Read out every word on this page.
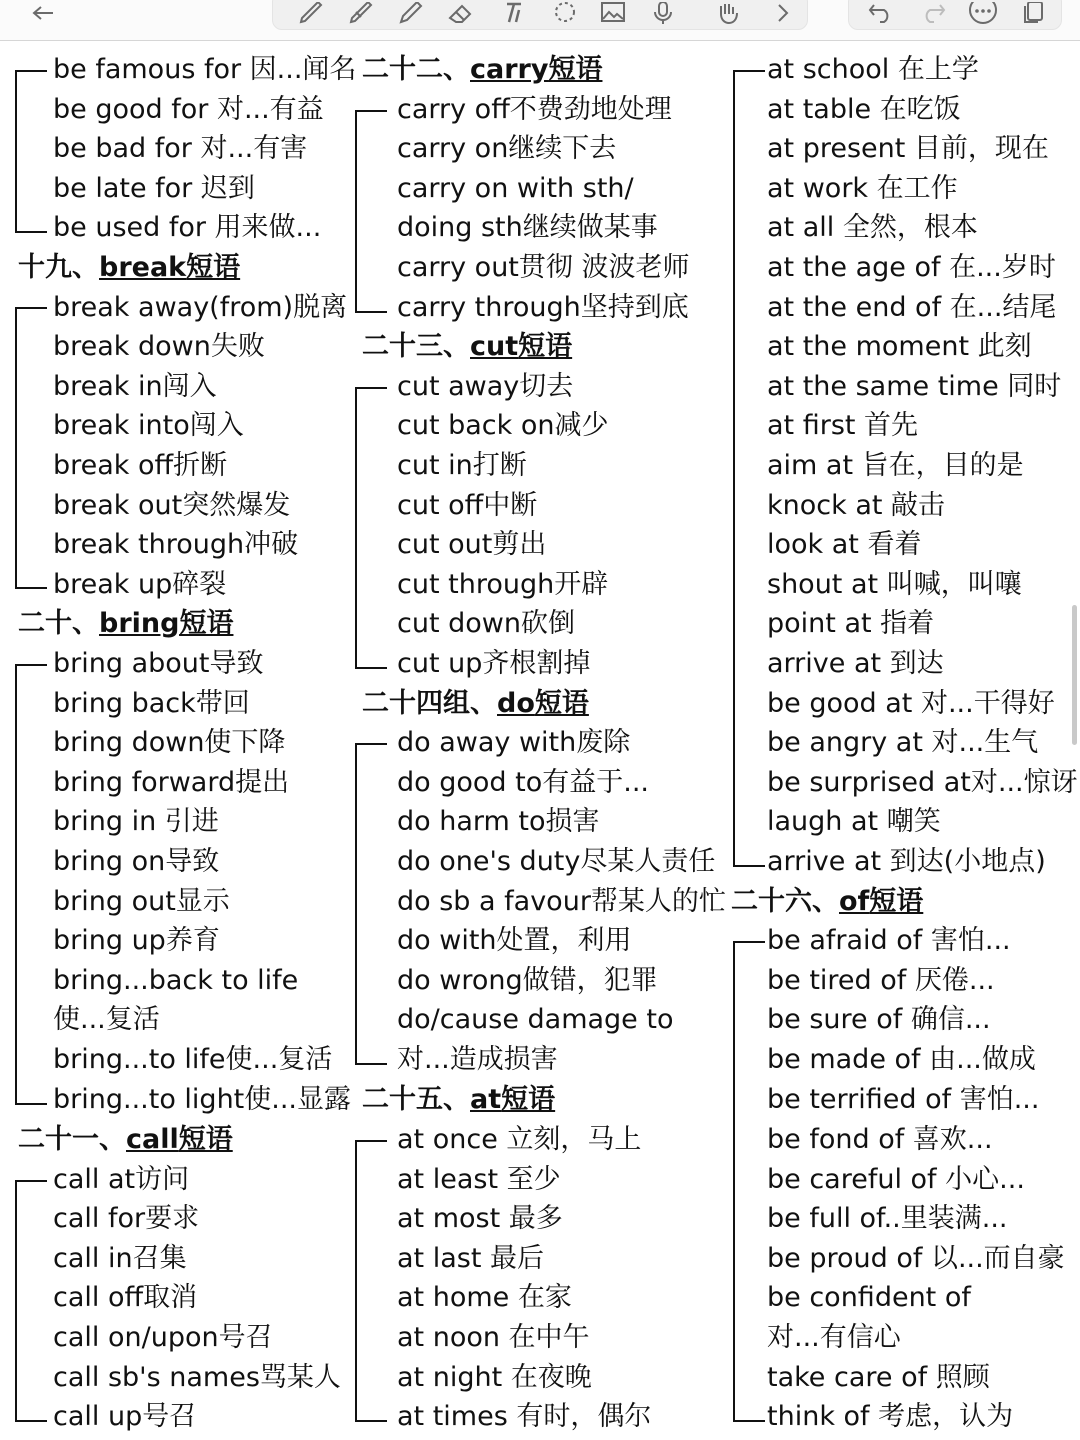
be famous for 因...闻名
be good for 对...有益
be bad for 对...有害
be late for 迟到
be used for 用来做...
十九、break短语
break away(from)脱离
break down失败
break in闯入
break into闯入
break off折断
break out突然爆发
break through冲破
break up碎裂
二十、bring短语
bring about导致
bring back带回
bring down使下降
bring forward提出
bring in 引进
bring on导致
bring out显示
bring up养育
bring...back to life
使...复活
bring...to life使...复活
bring...to light使...显露
二十一、call短语
call at访问
call for要求
call in召集
call off取消
call on/upon号召
call sb's names骂某人
call up号召
二十二、carry短语
carry off不费劲地处理
carry on继续下去
carry on with sth/
doing sth继续做某事
carry out贯彻 波波老师
carry through坚持到底
二十三、cut短语
cut away切去
cut back on减少
cut in打断
cut off中断
cut out剪出
cut through开辟
cut down砍倒
cut up齐根割掉
二十四组、do短语
do away with废除
do good to有益于...
do harm to损害
do one's duty尽某人责任
do sb a favour帮某人的忙
do with处置，利用
do wrong做错，犯罪
do/cause damage to
对...造成损害
二十五、at短语
at once 立刻，马上
at least 至少
at most 最多
at last 最后
at home 在家
at noon 在中午
at night 在夜晚
at times 有时，偶尔
at school 在上学
at table 在吃饭
at present 目前，现在
at work 在工作
at all 全然，根本
at the age of 在...岁时
at the end of 在...结尾
at the moment 此刻
at the same time 同时
at first 首先
aim at 旨在，目的是
knock at 敲击
look at 看着
shout at 叫喊，叫嚷
point at 指着
arrive at 到达
be good at 对...干得好
be angry at 对...生气
be surprised at对...惊讶
laugh at 嘲笑
arrive at 到达(小地点)
二十六、of短语
be afraid of 害怕...
be tired of 厌倦...
be sure of 确信...
be made of 由...做成
be terrified of 害怕...
be fond of 喜欢...
be careful of 小心...
be full of..里装满...
be proud of 以...而自豪
be confident of
对...有信心
take care of 照顾
think of 考虑，认为
